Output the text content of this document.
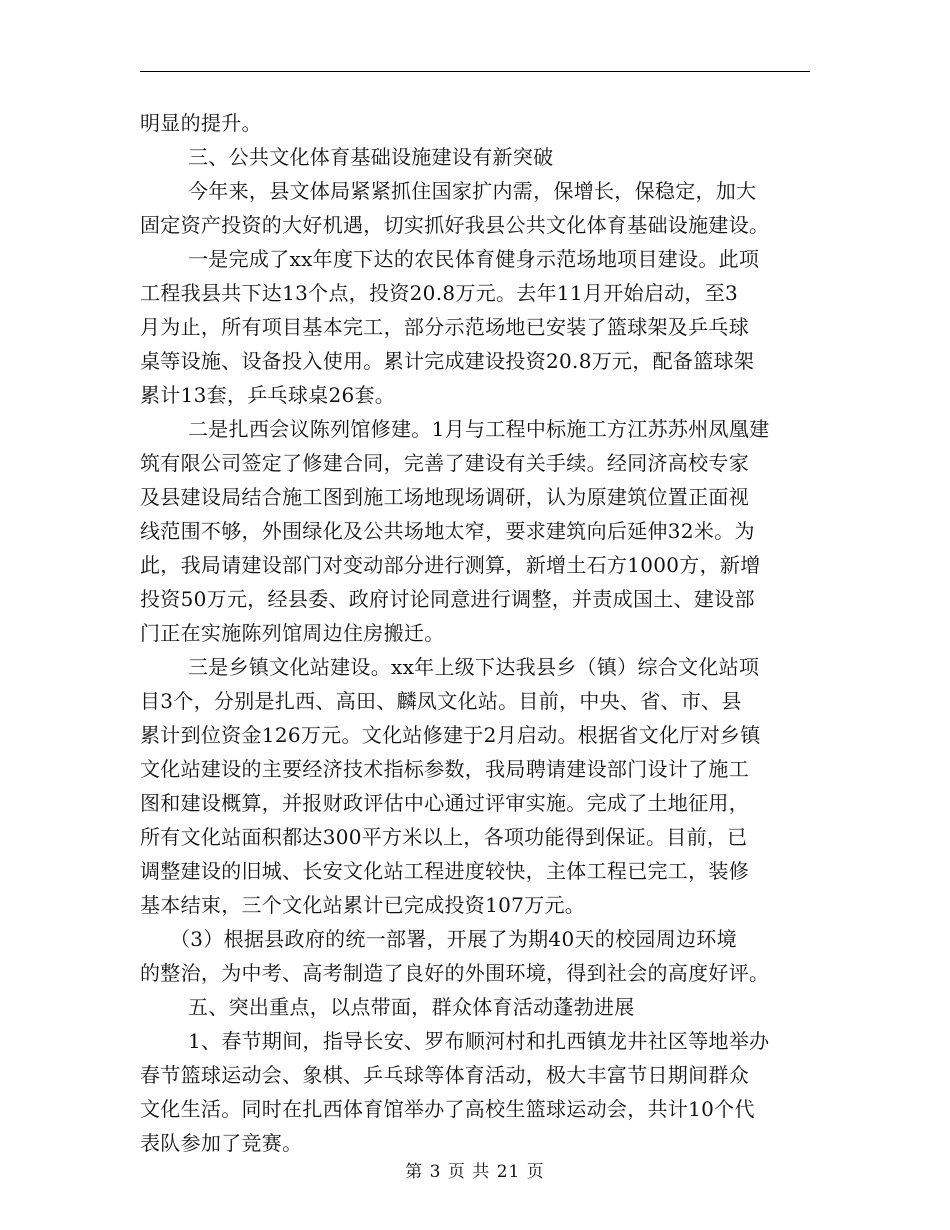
明显的提升。
三、公共文化体育基础设施建设有新突破
今年来，县文体局紧紧抓住国家扩内需，保增长，保稳定，加大
固定资产投资的大好机遇，切实抓好我县公共文化体育基础设施建设。
一是完成了xx年度下达的农民体育健身示范场地项目建设。此项
工程我县共下达13个点，投资20.8万元。去年11月开始启动，至3
月为止，所有项目基本完工，部分示范场地已安装了篮球架及乒乓球
桌等设施、设备投入使用。累计完成建设投资20.8万元，配备篮球架
累计13套，乒乓球桌26套。
二是扎西会议陈列馆修建。1月与工程中标施工方江苏苏州凤凰建
筑有限公司签定了修建合同，完善了建设有关手续。经同济高校专家
及县建设局结合施工图到施工场地现场调研，认为原建筑位置正面视
线范围不够，外围绿化及公共场地太窄，要求建筑向后延伸32米。为
此，我局请建设部门对变动部分进行测算，新增土石方1000方，新增
投资50万元，经县委、政府讨论同意进行调整，并责成国土、建设部
门正在实施陈列馆周边住房搬迁。
三是乡镇文化站建设。xx年上级下达我县乡（镇）综合文化站项
目3个，分别是扎西、高田、麟凤文化站。目前，中央、省、市、县
累计到位资金126万元。文化站修建于2月启动。根据省文化厅对乡镇
文化站建设的主要经济技术指标参数，我局聘请建设部门设计了施工
图和建设概算，并报财政评估中心通过评审实施。完成了土地征用，
所有文化站面积都达300平方米以上，各项功能得到保证。目前，已
调整建设的旧城、长安文化站工程进度较快，主体工程已完工，装修
基本结束，三个文化站累计已完成投资107万元。
（3）根据县政府的统一部署，开展了为期40天的校园周边环境
的整治，为中考、高考制造了良好的外围环境，得到社会的高度好评。
五、突出重点，以点带面，群众体育活动蓬勃进展
1、春节期间，指导长安、罗布顺河村和扎西镇龙井社区等地举办
春节篮球运动会、象棋、乒乓球等体育活动，极大丰富节日期间群众
文化生活。同时在扎西体育馆举办了高校生篮球运动会，共计10个代
表队参加了竞赛。
第 3 页 共 21 页
